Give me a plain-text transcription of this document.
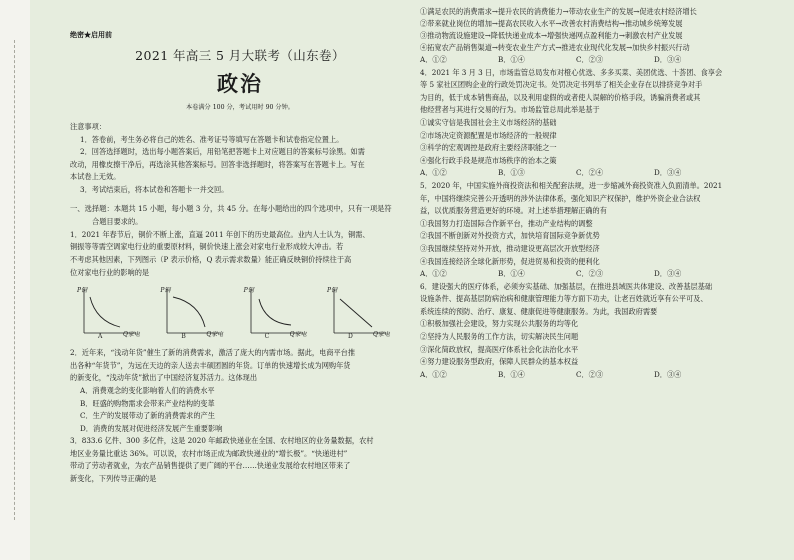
绝密★启用前

2021 年高三 5 月大联考（山东卷）

政治

本卷满分 100 分，考试用时 90 分钟。

注意事项：

1．答卷前，考生务必将自己的姓名、准考证号等填写在答题卡和试卷指定位置上。

2．回答选择题时，选出每小题答案后，用铅笔把答题卡上对应题目的答案标号涂黑。如需

改动，用橡皮擦干净后，再选涂其他答案标号。回答非选择题时，将答案写在答题卡上。写在

本试卷上无效。

3．考试结束后，将本试卷和答题卡一并交回。

一、选择题：本题共 15 小题，每小题 3 分，共 45 分。在每小题给出的四个选项中，只有一项是符

合题目要求的。

1．2021 年春节后，铜价不断上涨，直逼 2011 年创下的历史最高位。业内人士认为，铜需、

铜振等等需空调家电行业的重要原材料，铜价快速上涨会对家电行业形成较大冲击。若

不考虑其他因素，下列图示（P 表示价格，Q 表示需求数量）能正确反映铜价持续往于高

位对家电行业的影响的是

P铜
Q家电
A
P铜
Q家电
B
P铜
Q家电
C
P铜
Q家电
D

2．近年来，“浅动年货”催生了新的消费需求，激活了庞大的内需市场。据此，电商平台推

出各种“年货节”，为远在天边的亲人送去丰硕团圆的年货。订单的快速增长成为网购年货

的新变化，“浅动年货”掀出了中国经济复苏活力。这体现出

A．消费观念的变化影响着人们的消费水平

B．旺盛的购物需求会带来产业结构的变革

C．生产的发展带动了新的消费需求的产生

D．消费的发展对促进经济发展产生重要影响

3．833.6 亿件、300 多亿件，这是 2020 年邮政快递业在全国、农村地区的业务量数据，农村

地区业务量比重达 36%。可以说，农村市场正成为邮政快递业的“增长极”。“快递进村”

带动了劳动者就业，为农产品销售提供了更广阔的平台……快递业发展给农村地区带来了

新变化，下列传导正确的是

①满足农民的消费需求→提升农民的消费能力→带动农业生产的发展→促进农村经济增长

②带来就业岗位的增加→提高农民收入水平→改善农村消费结构→推动城乡统筹发展

③推动物流设施建设→降低快递业成本→增强快递网点盈利能力→刺激农村产业发展

④拓宽农产品销售渠道→转变农业生产方式→推进农业现代化发展→加快乡村振兴行动

A．①②	B．①④	C．②③	D．③④

4．2021 年 3 月 3 日，市场监管总局发布对橙心优选、多多买菜、美团优选、十荟团、食享会

等 5 家社区团购企业的行政处罚决定书。处罚决定书列举了相关企业存在以排挤竞争对手

为目的，低于成本销售商品，以及利用虚假的或者使人误解的价格手段，诱骗消费者或其

他经营者与其进行交易的行为。市场监管总局此举是基于

①诚实守信是我国社会主义市场经济的基础

②市场决定资源配置是市场经济的一般规律

③科学的宏观调控是政府主要经济职能之一

④强化行政手段是规范市场秩序的治本之策

A．①②	B．①③	C．②④	D．③④

5．2020 年，中国实施外商投资法和相关配套法规，进一步缩减外商投资准入负面清单。2021

年，中国将继续完善公开透明的涉外法律体系，强化知识产权保护，维护外资企业合法权

益，以优质服务营造更好的环境。对上述举措理解正确的有

①我国努力打造国际合作新平台，推动产业结构的调整

②我国不断创新对外投资方式，加快培育国际竞争新优势

③我国继续坚持对外开放，推动建设更高层次开放型经济

④我国连接经济全球化新形势，促进贸易和投资的便利化

A．①②	B．①④	C．②③	D．③④

6．建设强大的医疗体系，必须夯实基础、加强基层，在推进县域医共体建设、改善基层基础

设施条件、提高基层防病治病和健康管理能力等方面下功夫，让老百姓就近享有公平可及、

系统连续的预防、治疗、康复、健康促进等健康服务。为此，我国政府需要

①积极加强社会建设，努力实现公共服务的均等化

②坚持为人民服务的工作方法，切实解决民生问题

③深化简政放权，提高医疗体系社会化法治化水平

④努力建设服务型政府，保障人民群众的基本权益

A．①②	B．①④	C．②③	D．③④
